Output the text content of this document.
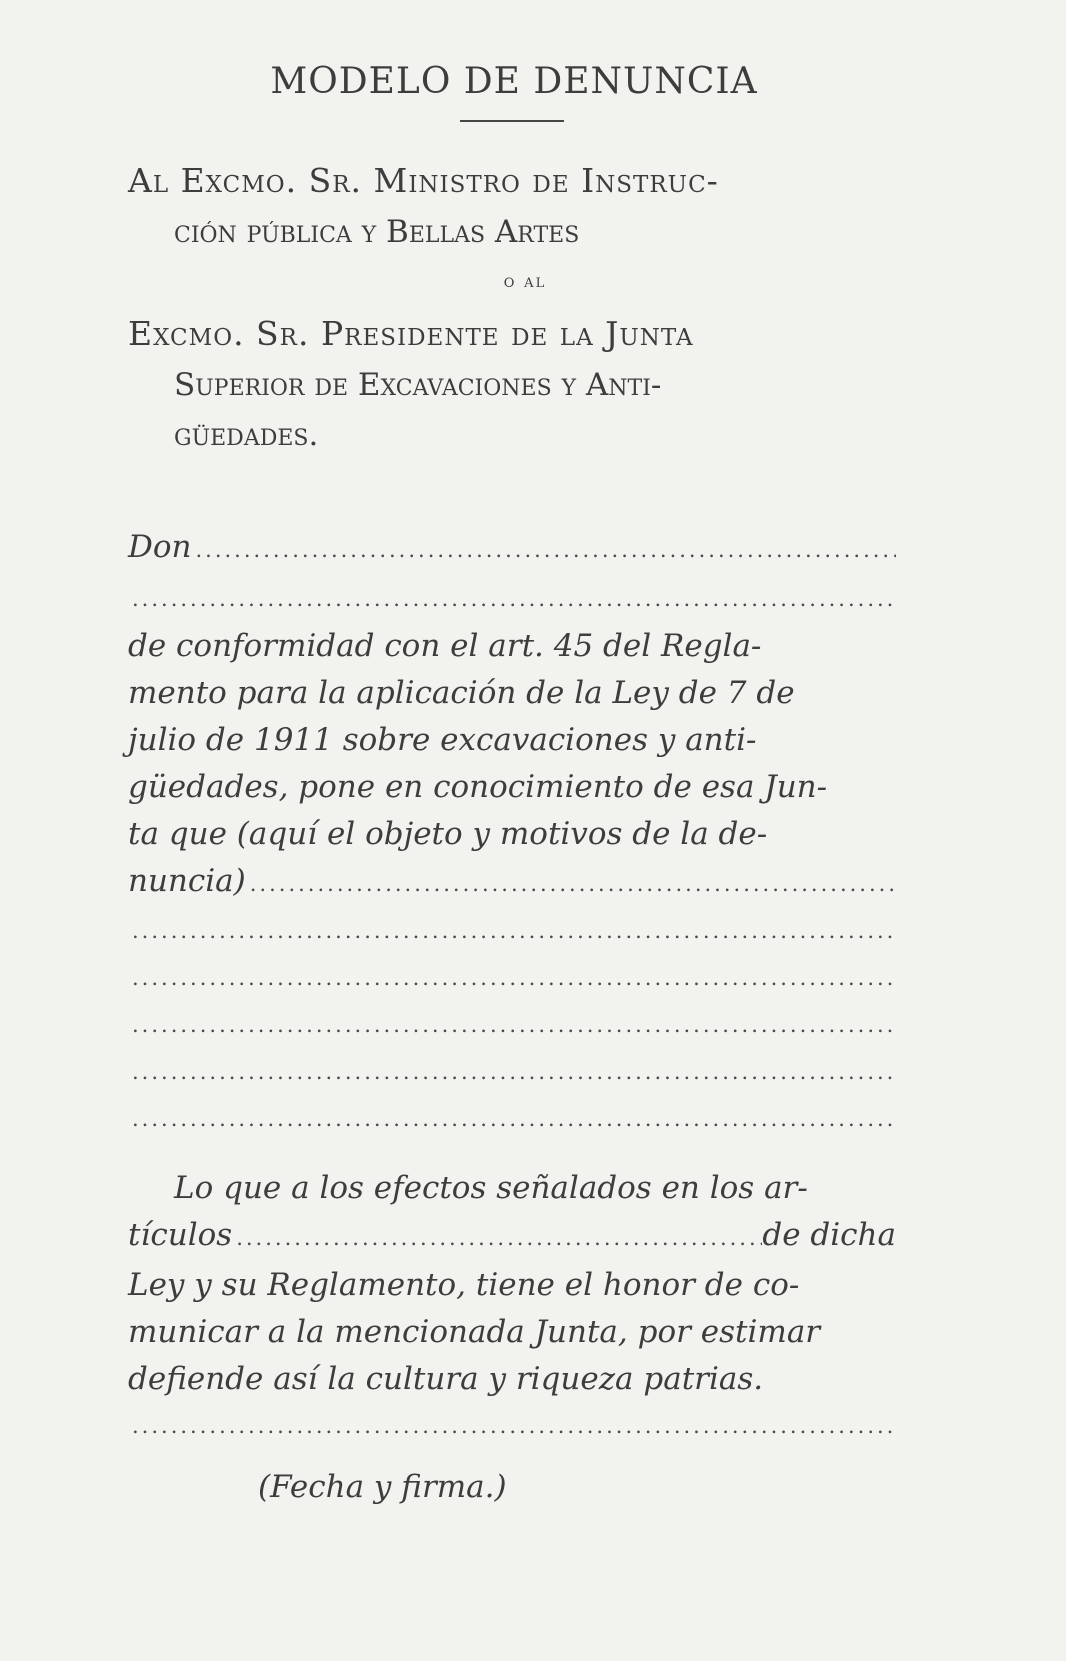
MODELO DE DENUNCIA

Al Excmo. Sr. Ministro de Instruc-
ción pública y Bellas Artes

o al

Excmo. Sr. Presidente de la Junta
Superior de Excavaciones y Anti-
güedades.

Don
.....
.....

de conformidad con el art. 45 del Regla-
mento para la aplicación de la Ley de 7 de
julio de 1911 sobre excavaciones y anti-
güedades, pone en conocimiento de esa Jun-
ta que (aquí el objeto y motivos de la de-

nuncia)
.....
.....
.....
.....
.....
.....

Lo que a los efectos señalados en los ar-

tículos
.....	de dicha

Ley y su Reglamento, tiene el honor de co-
municar a la mencionada Junta, por estimar
defiende así la cultura y riqueza patrias.

.....
(Fecha y firma.)
